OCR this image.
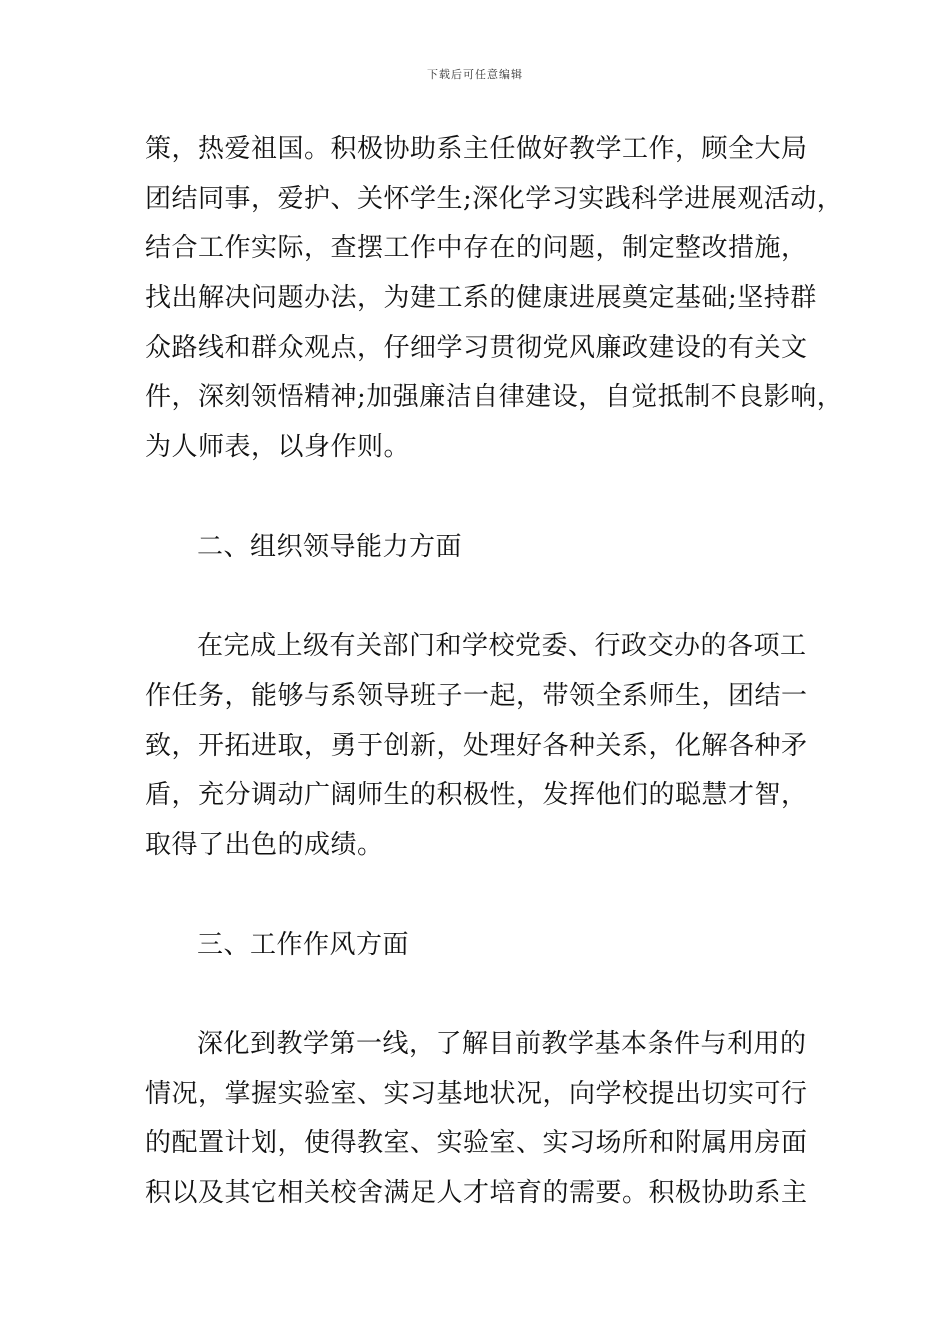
下载后可任意编辑
策，热爱祖国。积极协助系主任做好教学工作，顾全大局
团结同事，爱护、关怀学生;深化学习实践科学进展观活动，
结合工作实际，查摆工作中存在的问题，制定整改措施，
找出解决问题办法，为建工系的健康进展奠定基础;坚持群
众路线和群众观点，仔细学习贯彻党风廉政建设的有关文
件，深刻领悟精神;加强廉洁自律建设，自觉抵制不良影响，
为人师表，以身作则。
二、组织领导能力方面
在完成上级有关部门和学校党委、行政交办的各项工
作任务，能够与系领导班子一起，带领全系师生，团结一
致，开拓进取，勇于创新，处理好各种关系，化解各种矛
盾，充分调动广阔师生的积极性，发挥他们的聪慧才智，
取得了出色的成绩。
三、工作作风方面
深化到教学第一线，了解目前教学基本条件与利用的
情况，掌握实验室、实习基地状况，向学校提出切实可行
的配置计划，使得教室、实验室、实习场所和附属用房面
积以及其它相关校舍满足人才培育的需要。积极协助系主
